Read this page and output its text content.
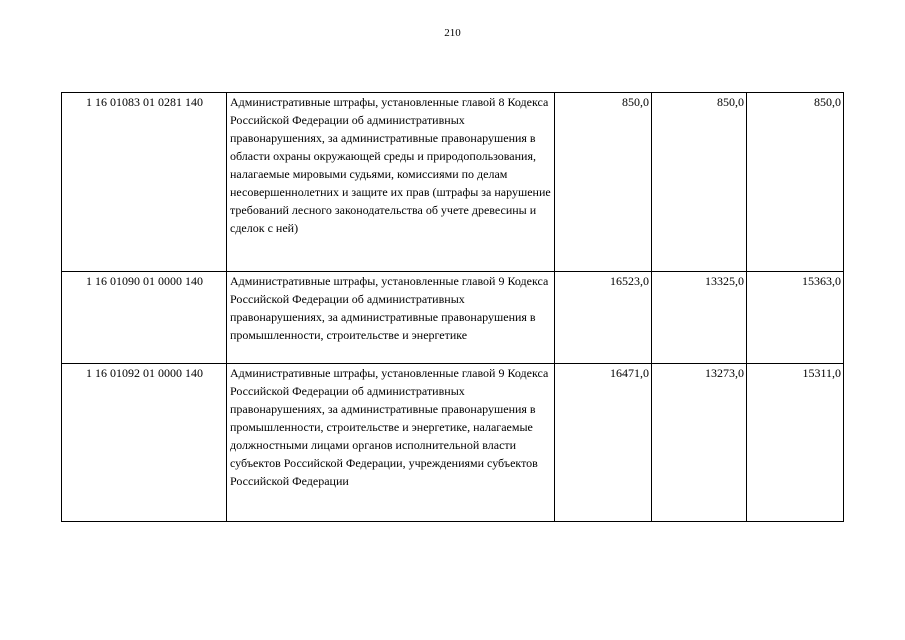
210
1 16 01083 01 0281 140	Административные штрафы, установленные главой 8 Кодекса Российской Федерации об административных правонарушениях, за административные правонарушения в области охраны окружающей среды и природопользования, налагаемые мировыми судьями, комиссиями по делам несовершеннолетних и защите их прав (штрафы за нарушение требований лесного законодательства об учете древесины и сделок с ней)	850,0	850,0	850,0
1 16 01090 01 0000 140	Административные штрафы, установленные главой 9 Кодекса Российской Федерации об административных правонарушениях, за административные правонарушения в промышленности, строительстве и энергетике	16523,0	13325,0	15363,0
1 16 01092 01 0000 140	Административные штрафы, установленные главой 9 Кодекса Российской Федерации об административных правонарушениях, за административные правонарушения в промышленности, строительстве и энергетике, налагаемые должностными лицами органов исполнительной власти субъектов Российской Федерации, учреждениями субъектов Российской Федерации	16471,0	13273,0	15311,0
